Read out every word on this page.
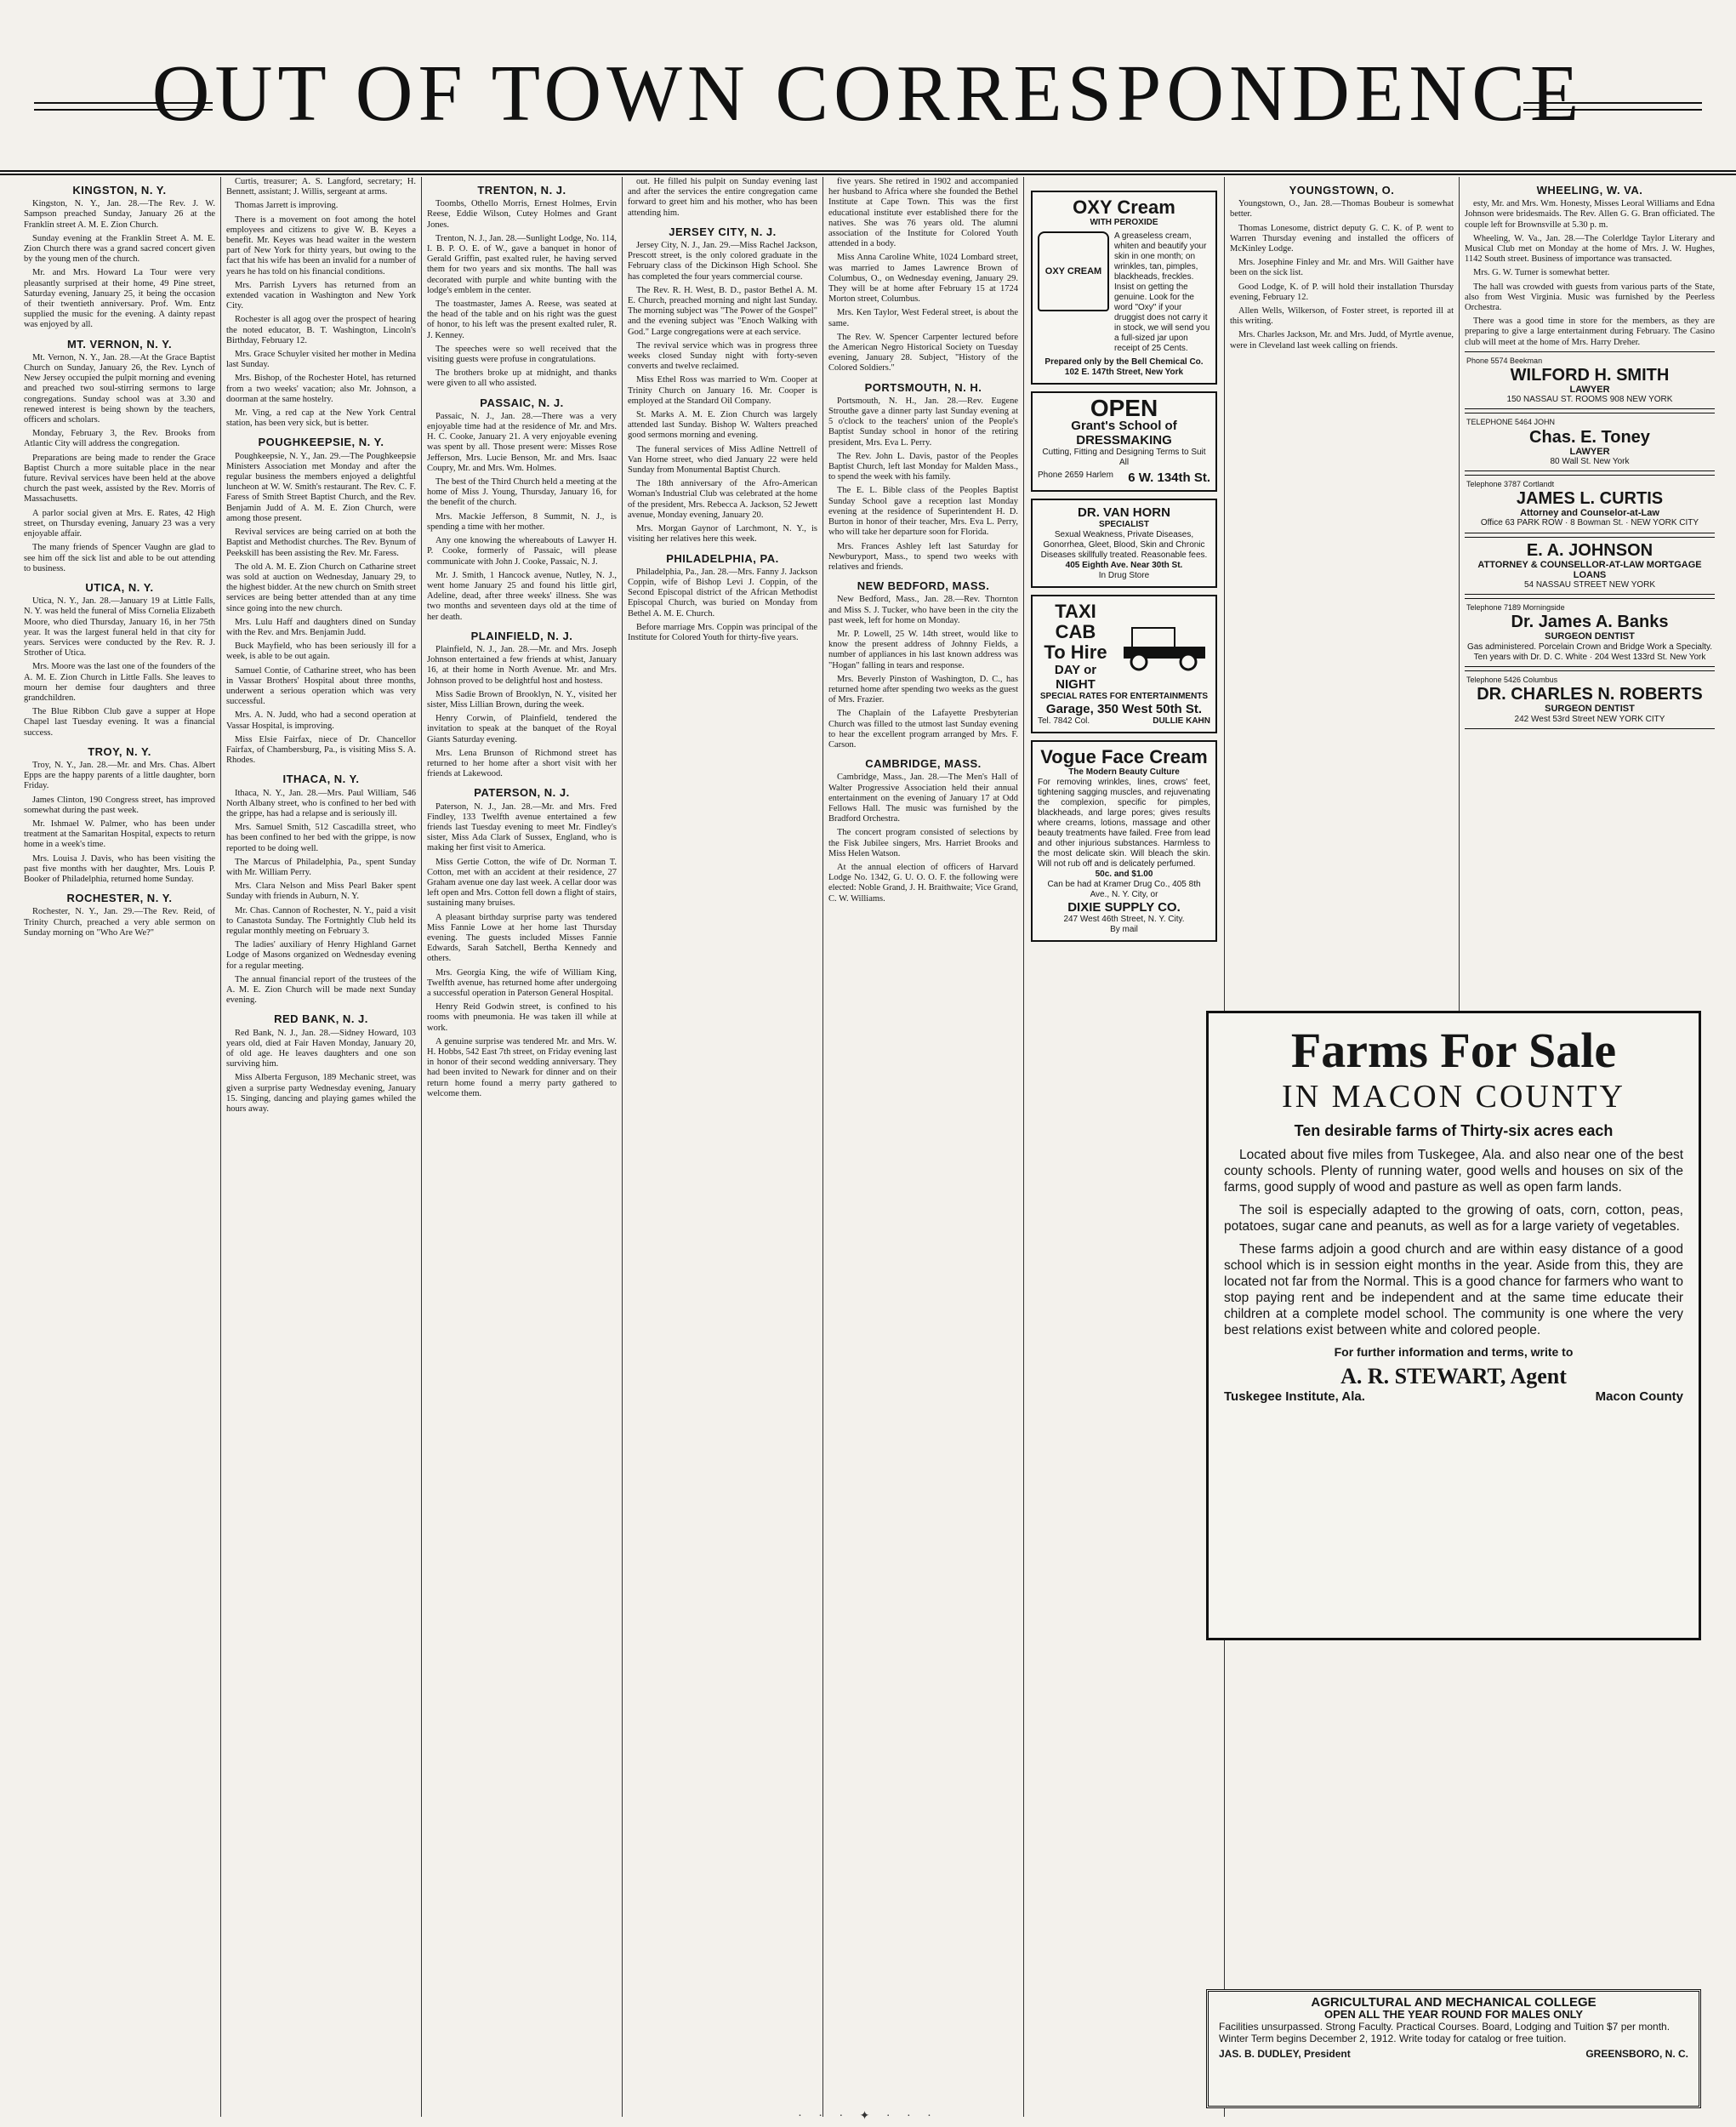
OUT OF TOWN CORRESPONDENCE
KINGSTON, N. Y.

Kingston, N. Y., Jan. 28.—The Rev. J. W. Sampson preached Sunday, January 26 at the Franklin street A. M. E. Zion Church.

Sunday evening at the Franklin Street A. M. E. Zion Church there was a grand sacred concert given by the young men of the church.

Mr. and Mrs. Howard La Tour were very pleasantly surprised at their home, 49 Pine street, Saturday evening, January 25, it being the occasion of their twentieth anniversary. Prof. Wm. Entz supplied the music for the evening. A dainty repast was enjoyed by all.

MT. VERNON, N. Y.

Mt. Vernon, N. Y., Jan. 28.—At the Grace Baptist Church on Sunday, January 26, the Rev. Lynch of New Jersey occupied the pulpit morning and evening and preached two soul-stirring sermons to large congregations. Sunday school was at 3.30 and renewed interest is being shown by the teachers, officers and scholars.

Monday, February 3, the Rev. Brooks from Atlantic City will address the congregation.

Preparations are being made to render the Grace Baptist Church a more suitable place in the near future. Revival services have been held at the above church the past week, assisted by the Rev. Morris of Massachusetts.

A parlor social given at Mrs. E. Rates, 42 High street, on Thursday evening, January 23 was a very enjoyable affair.

The many friends of Spencer Vaughn are glad to see him off the sick list and able to be out attending to business.

UTICA, N. Y.

Utica, N. Y., Jan. 28.—January 19 at Little Falls, N. Y. was held the funeral of Miss Cornelia Elizabeth Moore, who died Thursday, January 16, in her 75th year. It was the largest funeral held in that city for years. Services were conducted by the Rev. R. J. Strother of Utica.

Mrs. Moore was the last one of the founders of the A. M. E. Zion Church in Little Falls. She leaves to mourn her demise four daughters and three grandchildren.

The Blue Ribbon Club gave a supper at Hope Chapel last Tuesday evening. It was a financial success.

TROY, N. Y.

Troy, N. Y., Jan. 28.—Mr. and Mrs. Chas. Albert Epps are the happy parents of a little daughter, born Friday.

James Clinton, 190 Congress street, has improved somewhat during the past week.

Mr. Ishmael W. Palmer, who has been under treatment at the Samaritan Hospital, expects to return home in a week's time.

Mrs. Louisa J. Davis, who has been visiting the past five months with her daughter, Mrs. Louis P. Booker of Philadelphia, returned home Sunday.

ROCHESTER, N. Y.

Rochester, N. Y., Jan. 29.—The Rev. Reid, of Trinity Church, preached a very able sermon on Sunday morning on "Who Are We?"

Curtis, treasurer; A. S. Langford, secretary; H. Bennett, assistant; J. Willis, sergeant at arms.

Thomas Jarrett is improving.

There is a movement on foot among the hotel employees and citizens to give W. B. Keyes a benefit. Mr. Keyes was head waiter in the western part of New York for thirty years, but owing to the fact that his wife has been an invalid for a number of years he has told on his financial conditions.

Mrs. Parrish Lyvers has returned from an extended vacation in Washington and New York City.

Rochester is all agog over the prospect of hearing the noted educator, B. T. Washington, Lincoln's Birthday, February 12.

Mrs. Grace Schuyler visited her mother in Medina last Sunday.

Mrs. Bishop, of the Rochester Hotel, has returned from a two weeks' vacation; also Mr. Johnson, a doorman at the same hostelry.

Mr. Ving, a red cap at the New York Central station, has been very sick, but is better.

POUGHKEEPSIE, N. Y.

Poughkeepsie, N. Y., Jan. 29.—The Poughkeepsie Ministers Association met Monday and after the regular business the members enjoyed a delightful luncheon at W. W. Smith's restaurant. The Rev. C. F. Faress of Smith Street Baptist Church, and the Rev. Benjamin Judd of A. M. E. Zion Church, were among those present.

Revival services are being carried on at both the Baptist and Methodist churches. The Rev. Bynum of Peekskill has been assisting the Rev. Mr. Faress.

The old A. M. E. Zion Church on Catharine street was sold at auction on Wednesday, January 29, to the highest bidder. At the new church on Smith street services are being better attended than at any time since going into the new church.

Mrs. Lulu Haff and daughters dined on Sunday with the Rev. and Mrs. Benjamin Judd.

Buck Mayfield, who has been seriously ill for a week, is able to be out again.

Samuel Contie, of Catharine street, who has been in Vassar Brothers' Hospital about three months, underwent a serious operation which was very successful.

Mrs. A. N. Judd, who had a second operation at Vassar Hospital, is improving.

Miss Elsie Fairfax, niece of Dr. Chancellor Fairfax, of Chambersburg, Pa., is visiting Miss S. A. Rhodes.

ITHACA, N. Y.

Ithaca, N. Y., Jan. 28.—Mrs. Paul William, 546 North Albany street, who is confined to her bed with the grippe, has had a relapse and is seriously ill.

Mrs. Samuel Smith, 512 Cascadilla street, who has been confined to her bed with the grippe, is now reported to be doing well.

The Marcus of Philadelphia, Pa., spent Sunday with Mr. William Perry.

Mrs. Clara Nelson and Miss Pearl Baker spent Sunday with friends in Auburn, N. Y.

Mr. Chas. Cannon of Rochester, N. Y., paid a visit to Canastota Sunday. The Fortnightly Club held its regular monthly meeting on February 3.

The ladies' auxiliary of Henry Highland Garnet Lodge of Masons organized on Wednesday evening for a regular meeting.

The annual financial report of the trustees of the A. M. E. Zion Church will be made next Sunday evening.

RED BANK, N. J.

Red Bank, N. J., Jan. 28.—Sidney Howard, 103 years old, died at Fair Haven Monday, January 20, of old age. He leaves daughters and one son surviving him.

Miss Alberta Ferguson, 189 Mechanic street, was given a surprise party Wednesday evening, January 15. Singing, dancing and playing games whiled the hours away.

TRENTON, N. J.

Toombs, Othello Morris, Ernest Holmes, Ervin Reese, Eddie Wilson, Cutey Holmes and Grant Jones.

Trenton, N. J., Jan. 28.—Sunlight Lodge, No. 114, I. B. P. O. E. of W., gave a banquet in honor of Gerald Griffin, past exalted ruler, he having served them for two years and six months. The hall was decorated with purple and white bunting with the lodge's emblem in the center.

The toastmaster, James A. Reese, was seated at the head of the table and on his right was the guest of honor, to his left was the present exalted ruler, R. J. Kenney.

The speeches were so well received that the visiting guests were profuse in congratulations.

The brothers broke up at midnight, and thanks were given to all who assisted.

PASSAIC, N. J.

Passaic, N. J., Jan. 28.—There was a very enjoyable time had at the residence of Mr. and Mrs. H. C. Cooke, January 21. A very enjoyable evening was spent by all. Those present were: Misses Rose Jefferson, Mrs. Lucie Benson, Mr. and Mrs. Isaac Coupry, Mr. and Mrs. Wm. Holmes.

The best of the Third Church held a meeting at the home of Miss J. Young, Thursday, January 16, for the benefit of the church.

Mrs. Mackie Jefferson, 8 Summit, N. J., is spending a time with her mother.

Any one knowing the whereabouts of Lawyer H. P. Cooke, formerly of Passaic, will please communicate with John J. Cooke, Passaic, N. J.

Mr. J. Smith, 1 Hancock avenue, Nutley, N. J., went home January 25 and found his little girl, Adeline, dead, after three weeks' illness. She was two months and seventeen days old at the time of her death.

PLAINFIELD, N. J.

Plainfield, N. J., Jan. 28.—Mr. and Mrs. Joseph Johnson entertained a few friends at whist, January 16, at their home in North Avenue. Mr. and Mrs. Johnson proved to be delightful host and hostess.

Miss Sadie Brown of Brooklyn, N. Y., visited her sister, Miss Lillian Brown, during the week.

Henry Corwin, of Plainfield, tendered the invitation to speak at the banquet of the Royal Giants Saturday evening.

Mrs. Lena Brunson of Richmond street has returned to her home after a short visit with her friends at Lakewood.

PATERSON, N. J.

Paterson, N. J., Jan. 28.—Mr. and Mrs. Fred Findley, 133 Twelfth avenue entertained a few friends last Tuesday evening to meet Mr. Findley's sister, Miss Ada Clark of Sussex, England, who is making her first visit to America.

Miss Gertie Cotton, the wife of Dr. Norman T. Cotton, met with an accident at their residence, 27 Graham avenue one day last week. A cellar door was left open and Mrs. Cotton fell down a flight of stairs, sustaining many bruises.

A pleasant birthday surprise party was tendered Miss Fannie Lowe at her home last Thursday evening. The guests included Misses Fannie Edwards, Sarah Satchell, Bertha Kennedy and others.

Mrs. Georgia King, the wife of William King, Twelfth avenue, has returned home after undergoing a successful operation in Paterson General Hospital.

Henry Reid Godwin street, is confined to his rooms with pneumonia. He was taken ill while at work.

A genuine surprise was tendered Mr. and Mrs. W. H. Hobbs, 542 East 7th street, on Friday evening last in honor of their second wedding anniversary. They had been invited to Newark for dinner and on their return home found a merry party gathered to welcome them.

out. He filled his pulpit on Sunday evening last and after the services the entire congregation came forward to greet him and his mother, who has been attending him.

JERSEY CITY, N. J.

Jersey City, N. J., Jan. 29.—Miss Rachel Jackson, Prescott street, is the only colored graduate in the February class of the Dickinson High School. She has completed the four years commercial course.

The Rev. R. H. West, B. D., pastor Bethel A. M. E. Church, preached morning and night last Sunday. The morning subject was "The Power of the Gospel" and the evening subject was "Enoch Walking with God." Large congregations were at each service.

The revival service which was in progress three weeks closed Sunday night with forty-seven converts and twelve reclaimed.

Miss Ethel Ross was married to Wm. Cooper at Trinity Church on January 16. Mr. Cooper is employed at the Standard Oil Company.

St. Marks A. M. E. Zion Church was largely attended last Sunday. Bishop W. Walters preached good sermons morning and evening.

The funeral services of Miss Adline Nettrell of Van Horne street, who died January 22 were held Sunday from Monumental Baptist Church.

The 18th anniversary of the Afro-American Woman's Industrial Club was celebrated at the home of the president, Mrs. Rebecca A. Jackson, 52 Jewett avenue, Monday evening, January 20.

Mrs. Morgan Gaynor of Larchmont, N. Y., is visiting her relatives here this week.

PHILADELPHIA, PA.

Philadelphia, Pa., Jan. 28.—Mrs. Fanny J. Jackson Coppin, wife of Bishop Levi J. Coppin, of the Second Episcopal district of the African Methodist Episcopal Church, was buried on Monday from Bethel A. M. E. Church.

Before marriage Mrs. Coppin was principal of the Institute for Colored Youth for thirty-five years.

five years. She retired in 1902 and accompanied her husband to Africa where she founded the Bethel Institute at Cape Town. This was the first educational institute ever established there for the natives. She was 76 years old. The alumni association of the Institute for Colored Youth attended in a body.

Miss Anna Caroline White, 1024 Lombard street, was married to James Lawrence Brown of Columbus, O., on Wednesday evening, January 29. They will be at home after February 15 at 1724 Morton street, Columbus.

Mrs. Ken Taylor, West Federal street, is about the same.

The Rev. W. Spencer Carpenter lectured before the American Negro Historical Society on Tuesday evening, January 28. Subject, "History of the Colored Soldiers."

PORTSMOUTH, N. H.

Portsmouth, N. H., Jan. 28.—Rev. Eugene Strouthe gave a dinner party last Sunday evening at 5 o'clock to the teachers' union of the People's Baptist Sunday school in honor of the retiring president, Mrs. Eva L. Perry.

The Rev. John L. Davis, pastor of the Peoples Baptist Church, left last Monday for Malden Mass., to spend the week with his family.

The E. L. Bible class of the Peoples Baptist Sunday School gave a reception last Monday evening at the residence of Superintendent H. D. Burton in honor of their teacher, Mrs. Eva L. Perry, who will take her departure soon for Florida.

Mrs. Frances Ashley left last Saturday for Newburyport, Mass., to spend two weeks with relatives and friends.

NEW BEDFORD, MASS.

New Bedford, Mass., Jan. 28.—Rev. Thornton and Miss S. J. Tucker, who have been in the city the past week, left for home on Monday.

Mr. P. Lowell, 25 W. 14th street, would like to know the present address of Johnny Fields, a number of appliances in his last known address was "Hogan" falling in tears and response.

Mrs. Beverly Pinston of Washington, D. C., has returned home after spending two weeks as the guest of Mrs. Frazier.

The Chaplain of the Lafayette Presbyterian Church was filled to the utmost last Sunday evening to hear the excellent program arranged by Mrs. F. Carson.

CAMBRIDGE, MASS.

Cambridge, Mass., Jan. 28.—The Men's Hall of Walter Progressive Association held their annual entertainment on the evening of January 17 at Odd Fellows Hall. The music was furnished by the Bradford Orchestra.

The concert program consisted of selections by the Fisk Jubilee singers, Mrs. Harriet Brooks and Miss Helen Watson.

At the annual election of officers of Harvard Lodge No. 1342, G. U. O. O. F. the following were elected: Noble Grand, J. H. Braithwaite; Vice Grand, C. W. Williams.

OXY Cream
WITH PEROXIDE
OXY CREAM
A greaseless cream, whiten and beautify your skin in one month; on wrinkles, tan, pimples, blackheads, freckles. Insist on getting the genuine. Look for the word "Oxy" if your druggist does not carry it in stock, we will send you a full-sized jar upon receipt of 25 Cents.
Prepared only by the Bell Chemical Co. 102 E. 147th Street, New York
OPEN
Grant's School of DRESSMAKING
Cutting, Fitting and Designing Terms to Suit All
Phone 2659 Harlem 6 W. 134th St.
DR. VAN HORN
SPECIALIST
Sexual Weakness, Private Diseases, Gonorrhea, Gleet, Blood, Skin and Chronic Diseases skillfully treated. Reasonable fees.
405 Eighth Ave. Near 30th St.
In Drug Store
TAXI CAB
To Hire
DAY or NIGHT
SPECIAL RATES FOR ENTERTAINMENTS
Garage, 350 West 50th St.
Tel. 7842 Col.	DULLIE KAHN
Vogue Face Cream
The Modern Beauty Culture
For removing wrinkles, lines, crows' feet, tightening sagging muscles, and rejuvenating the complexion, specific for pimples, blackheads, and large pores; gives results where creams, lotions, massage and other beauty treatments have failed. Free from lead and other injurious substances. Harmless to the most delicate skin. Will bleach the skin. Will not rub off and is delicately perfumed.
50c. and $1.00
Can be had at Kramer Drug Co., 405 8th Ave., N. Y. City, or
DIXIE SUPPLY CO.
247 West 46th Street, N. Y. City.
By mail
YOUNGSTOWN, O.

Youngstown, O., Jan. 28.—Thomas Boubeur is somewhat better.

Thomas Lonesome, district deputy G. C. K. of P. went to Warren Thursday evening and installed the officers of McKinley Lodge.

Mrs. Josephine Finley and Mr. and Mrs. Will Gaither have been on the sick list.

Good Lodge, K. of P. will hold their installation Thursday evening, February 12.

Allen Wells, Wilkerson, of Foster street, is reported ill at this writing.

Mrs. Charles Jackson, Mr. and Mrs. Judd, of Myrtle avenue, were in Cleveland last week calling on friends.

WHEELING, W. VA.

esty, Mr. and Mrs. Wm. Honesty, Misses Leoral Williams and Edna Johnson were bridesmaids. The Rev. Allen G. G. Bran officiated. The couple left for Brownsville at 5.30 p. m.

Wheeling, W. Va., Jan. 28.—The Colerldge Taylor Literary and Musical Club met on Monday at the home of Mrs. J. W. Hughes, 1142 South street. Business of importance was transacted.

Mrs. G. W. Turner is somewhat better.

The hall was crowded with guests from various parts of the State, also from West Virginia. Music was furnished by the Peerless Orchestra.

There was a good time in store for the members, as they are preparing to give a large entertainment during February. The Casino club will meet at the home of Mrs. Harry Dreher.

Phone 5574 Beekman
WILFORD H. SMITH
LAWYER
150 NASSAU ST. ROOMS 908 NEW YORK
TELEPHONE 5464 JOHN
Chas. E. Toney
LAWYER
80 Wall St. New York
Telephone 3787 Cortlandt
JAMES L. CURTIS
Attorney and Counselor-at-Law
Office 63 PARK ROW · 8 Bowman St. · NEW YORK CITY
E. A. JOHNSON
ATTORNEY & COUNSELLOR-AT-LAW MORTGAGE LOANS
54 NASSAU STREET NEW YORK
Telephone 7189 Morningside
Dr. James A. Banks
SURGEON DENTIST
Gas administered. Porcelain Crown and Bridge Work a Specialty. Ten years with Dr. D. C. White · 204 West 133rd St. New York
Telephone 5426 Columbus
DR. CHARLES N. ROBERTS
SURGEON DENTIST
242 West 53rd Street NEW YORK CITY
Farms For Sale
IN MACON COUNTY
Ten desirable farms of Thirty-six acres each

Located about five miles from Tuskegee, Ala. and also near one of the best county schools. Plenty of running water, good wells and houses on six of the farms, good supply of wood and pasture as well as open farm lands.

The soil is especially adapted to the growing of oats, corn, cotton, peas, potatoes, sugar cane and peanuts, as well as for a large variety of vegetables.

These farms adjoin a good church and are within easy distance of a good school which is in session eight months in the year. Aside from this, they are located not far from the Normal. This is a good chance for farmers who want to stop paying rent and be independent and at the same time educate their children at a complete model school. The community is one where the very best relations exist between white and colored people.

For further information and terms, write to
A. R. STEWART, Agent
Tuskegee Institute, Ala.	Macon County
AGRICULTURAL AND MECHANICAL COLLEGE
OPEN ALL THE YEAR ROUND FOR MALES ONLY
Facilities unsurpassed. Strong Faculty. Practical Courses. Board, Lodging and Tuition $7 per month. Winter Term begins December 2, 1912. Write today for catalog or free tuition.
JAS. B. DUDLEY, President	GREENSBORO, N. C.
· · · ✦ · · ·
